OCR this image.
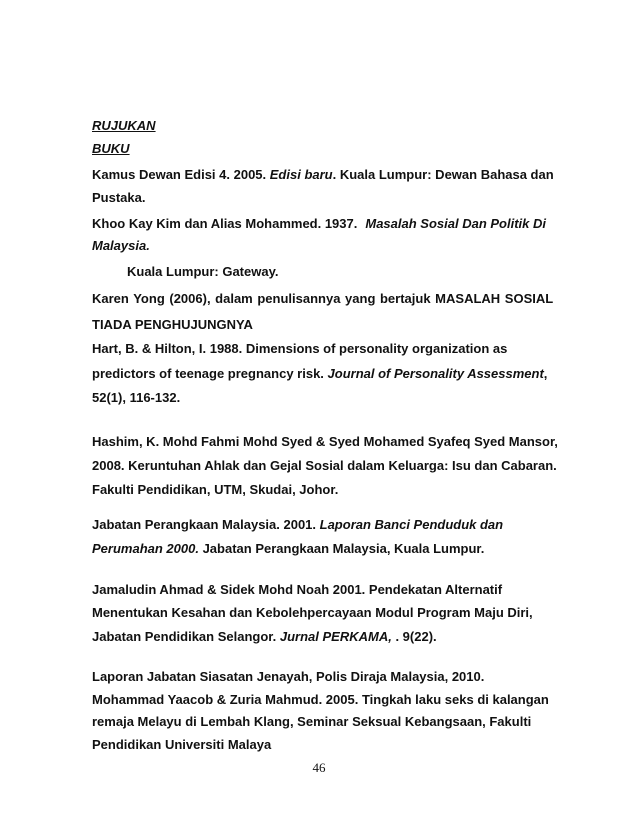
RUJUKAN

BUKU

Kamus Dewan Edisi 4. 2005. Edisi baru. Kuala Lumpur: Dewan Bahasa dan

Pustaka.

Khoo Kay Kim dan Alias Mohammed. 1937. Masalah Sosial Dan Politik Di

Malaysia.

Kuala Lumpur: Gateway.

Karen Yong (2006), dalam penulisannya yang bertajuk MASALAH SOSIAL

TIADA PENGHUJUNGNYA

Hart, B. & Hilton, I. 1988. Dimensions of personality organization as

predictors of teenage pregnancy risk. Journal of Personality Assessment,

52(1), 116-132.

Hashim, K. Mohd Fahmi Mohd Syed & Syed Mohamed Syafeq Syed Mansor,

2008. Keruntuhan Ahlak dan Gejal Sosial dalam Keluarga: Isu dan Cabaran.

Fakulti Pendidikan, UTM, Skudai, Johor.

Jabatan Perangkaan Malaysia. 2001. Laporan Banci Penduduk dan

Perumahan 2000. Jabatan Perangkaan Malaysia, Kuala Lumpur.

Jamaludin Ahmad & Sidek Mohd Noah 2001. Pendekatan Alternatif

Menentukan Kesahan dan Kebolehpercayaan Modul Program Maju Diri,

Jabatan Pendidikan Selangor. Jurnal PERKAMA, . 9(22).

Laporan Jabatan Siasatan Jenayah, Polis Diraja Malaysia, 2010.

Mohammad Yaacob & Zuria Mahmud. 2005. Tingkah laku seks di kalangan

remaja Melayu di Lembah Klang, Seminar Seksual Kebangsaan, Fakulti

Pendidikan Universiti Malaya

46
